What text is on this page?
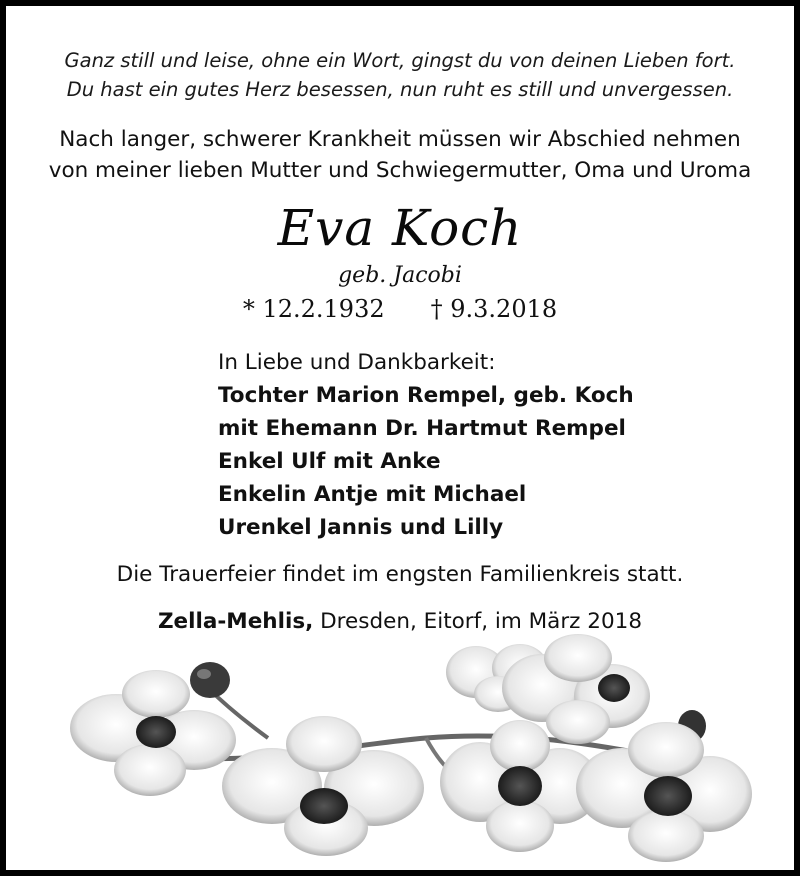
Ganz still und leise, ohne ein Wort, gingst du von deinen Lieben fort.
Du hast ein gutes Herz besessen, nun ruht es still und unvergessen.
Nach langer, schwerer Krankheit müssen wir Abschied nehmen
von meiner lieben Mutter und Schwiegermutter, Oma und Uroma
Eva Koch
geb. Jacobi
* 12.2.1932 † 9.3.2018
In Liebe und Dankbarkeit:
Tochter Marion Rempel, geb. Koch
mit Ehemann Dr. Hartmut Rempel
Enkel Ulf mit Anke
Enkelin Antje mit Michael
Urenkel Jannis und Lilly
Die Trauerfeier findet im engsten Familienkreis statt.
Zella-Mehlis, Dresden, Eitorf, im März 2018
